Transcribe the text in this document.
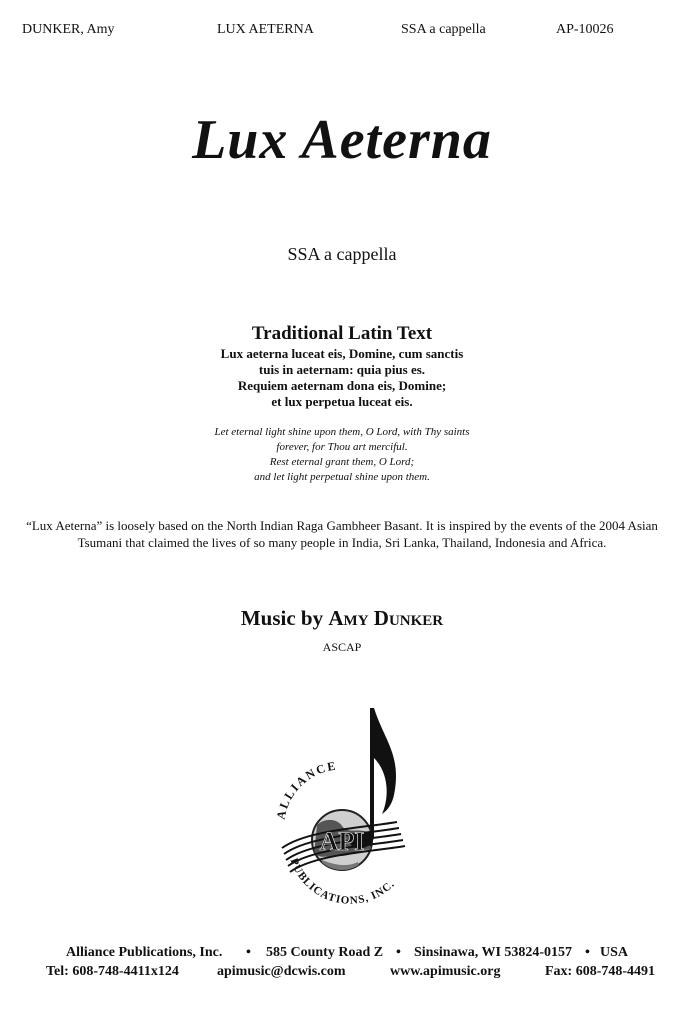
DUNKER, Amy	LUX AETERNA	SSA a cappella	AP-10026
Lux Aeterna
SSA a cappella
Traditional Latin Text
Lux aeterna luceat eis, Domine, cum sanctis
tuis in aeternam: quia pius es.
Requiem aeternam dona eis, Domine;
et lux perpetua luceat eis.
Let eternal light shine upon them, O Lord, with Thy saints
forever, for Thou art merciful.
Rest eternal grant them, O Lord;
and let light perpetual shine upon them.
“Lux Aeterna” is loosely based on the North Indian Raga Gambheer Basant. It is inspired by the events of the 2004 Asian
Tsumani that claimed the lives of so many people in India, Sri Lanka, Thailand, Indonesia and Africa.
Music by Amy Dunker
ASCAP
API
ALLIANCE
PUBLICATIONS, INC.
Alliance Publications, Inc. • 585 County Road Z • Sinsinawa, WI 53824-0157 • USA
Tel: 608-748-4411x124	apimusic@dcwis.com	www.apimusic.org	Fax: 608-748-4491
